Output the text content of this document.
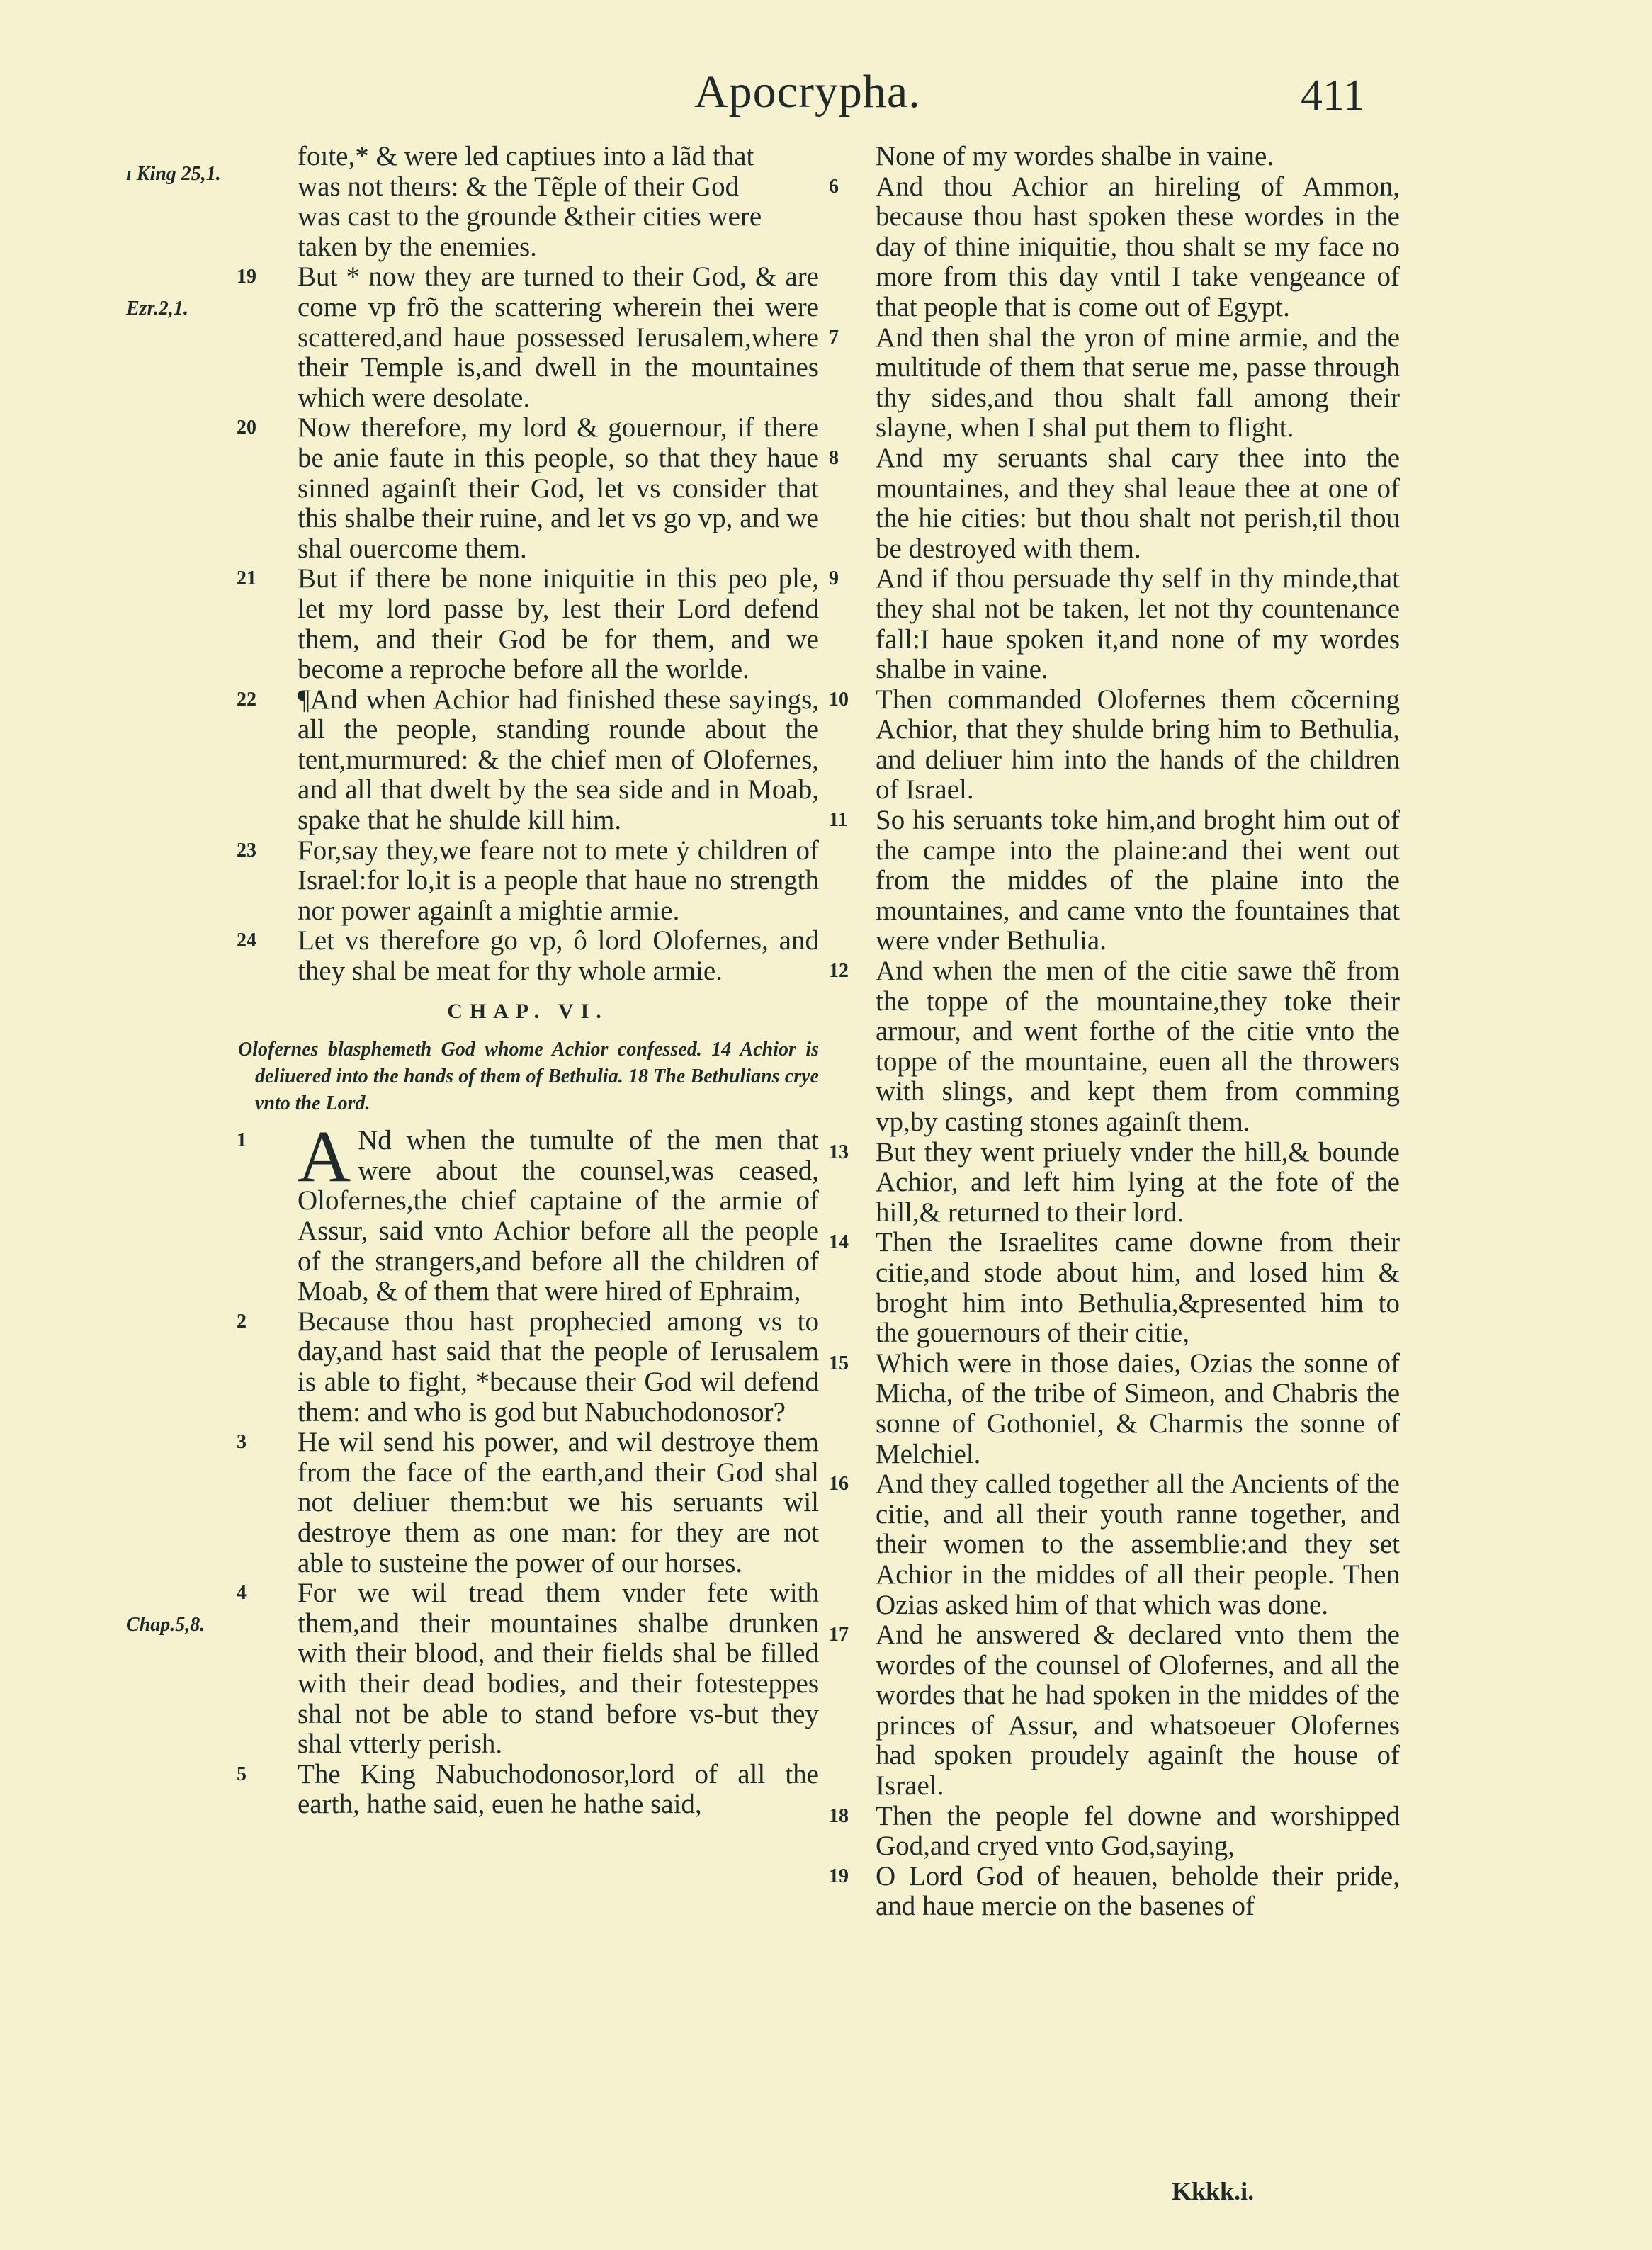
Apocrypha.	411
ı King 25,1.
Ezr.2,1.
Chap.5,8.
foıte,* & were led captiues into a lãd that
was not theırs: & the Tẽple of their God
was cast to the grounde &their cities were
taken by the enemies.
19 But * now they are turned to their God, & are come vp frõ the scattering wherein thei were scattered,and haue possessed Ierusalem,where their Temple is,and dwell in the mountaines which were desolate.
20 Now therefore, my lord & gouernour, if there be anie faute in this people, so that they haue sinned againſt their God, let vs consider that this shalbe their ruine, and let vs go vp, and we shal ouercome them.
21 But if there be none iniquitie in this peo ple, let my lord passe by, lest their Lord defend them, and their God be for them, and we become a reproche before all the worlde.
22 ¶And when Achior had finished these sayings, all the people, standing rounde about the tent,murmured: & the chief men of Olofernes, and all that dwelt by the sea side and in Moab, spake that he shulde kill him.
23 For,say they,we feare not to mete ẏ children of Israel:for lo,it is a people that haue no strength nor power againſt a mightie armie.
24 Let vs therefore go vp, ô lord Olofernes, and they shal be meat for thy whole armie.
CHAP. VI.
Olofernes blasphemeth God whome Achior confessed. 14 Achior is deliuered into the hands of them of Bethulia. 18 The Bethulians crye vnto the Lord.
1 A Nd when the tumulte of the men that were about the counsel,was ceased, Olofernes,the chief captaine of the armie of Assur, said vnto Achior before all the people of the strangers,and before all the children of Moab, & of them that were hired of Ephraim,
2 Because thou hast prophecied among vs to day,and hast said that the people of Ierusalem is able to fight, *because their God wil defend them: and who is god but Nabuchodonosor?
3 He wil send his power, and wil destroye them from the face of the earth,and their God shal not deliuer them:but we his seruants wil destroye them as one man: for they are not able to susteine the power of our horses.
4 For we wil tread them vnder fete with them,and their mountaines shalbe drunken with their blood, and their fields shal be filled with their dead bodies, and their fotesteppes shal not be able to stand before vs-but they shal vtterly perish.
5 The King Nabuchodonosor,lord of all the earth, hathe said, euen he hathe said,
None of my wordes shalbe in vaine.
6 And thou Achior an hireling of Ammon, because thou hast spoken these wordes in the day of thine iniquitie, thou shalt se my face no more from this day vntil I take vengeance of that people that is come out of Egypt.
7 And then shal the yron of mine armie, and the multitude of them that serue me, passe through thy sides,and thou shalt fall among their slayne, when I shal put them to flight.
8 And my seruants shal cary thee into the mountaines, and they shal leaue thee at one of the hie cities: but thou shalt not perish,til thou be destroyed with them.
9 And if thou persuade thy self in thy minde,that they shal not be taken, let not thy countenance fall:I haue spoken it,and none of my wordes shalbe in vaine.
10 Then commanded Olofernes them cõcerning Achior, that they shulde bring him to Bethulia, and deliuer him into the hands of the children of Israel.
11 So his seruants toke him,and broght him out of the campe into the plaine:and thei went out from the middes of the plaine into the mountaines, and came vnto the fountaines that were vnder Bethulia.
12 And when the men of the citie sawe thẽ from the toppe of the mountaine,they toke their armour, and went forthe of the citie vnto the toppe of the mountaine, euen all the throwers with slings, and kept them from comming vp,by casting stones againſt them.
13 But they went priuely vnder the hill,& bounde Achior, and left him lying at the fote of the hill,& returned to their lord.
14 Then the Israelites came downe from their citie,and stode about him, and losed him & broght him into Bethulia,&presented him to the gouernours of their citie,
15 Which were in those daies, Ozias the sonne of Micha, of the tribe of Simeon, and Chabris the sonne of Gothoniel, & Charmis the sonne of Melchiel.
16 And they called together all the Ancients of the citie, and all their youth ranne together, and their women to the assemblie:and they set Achior in the middes of all their people. Then Ozias asked him of that which was done.
17 And he answered & declared vnto them the wordes of the counsel of Olofernes, and all the wordes that he had spoken in the middes of the princes of Assur, and whatsoeuer Olofernes had spoken proudely againſt the house of Israel.
18 Then the people fel downe and worshipped God,and cryed vnto God,saying,
19 O Lord God of heauen, beholde their pride, and haue mercie on the basenes of
Kkkk.i.
